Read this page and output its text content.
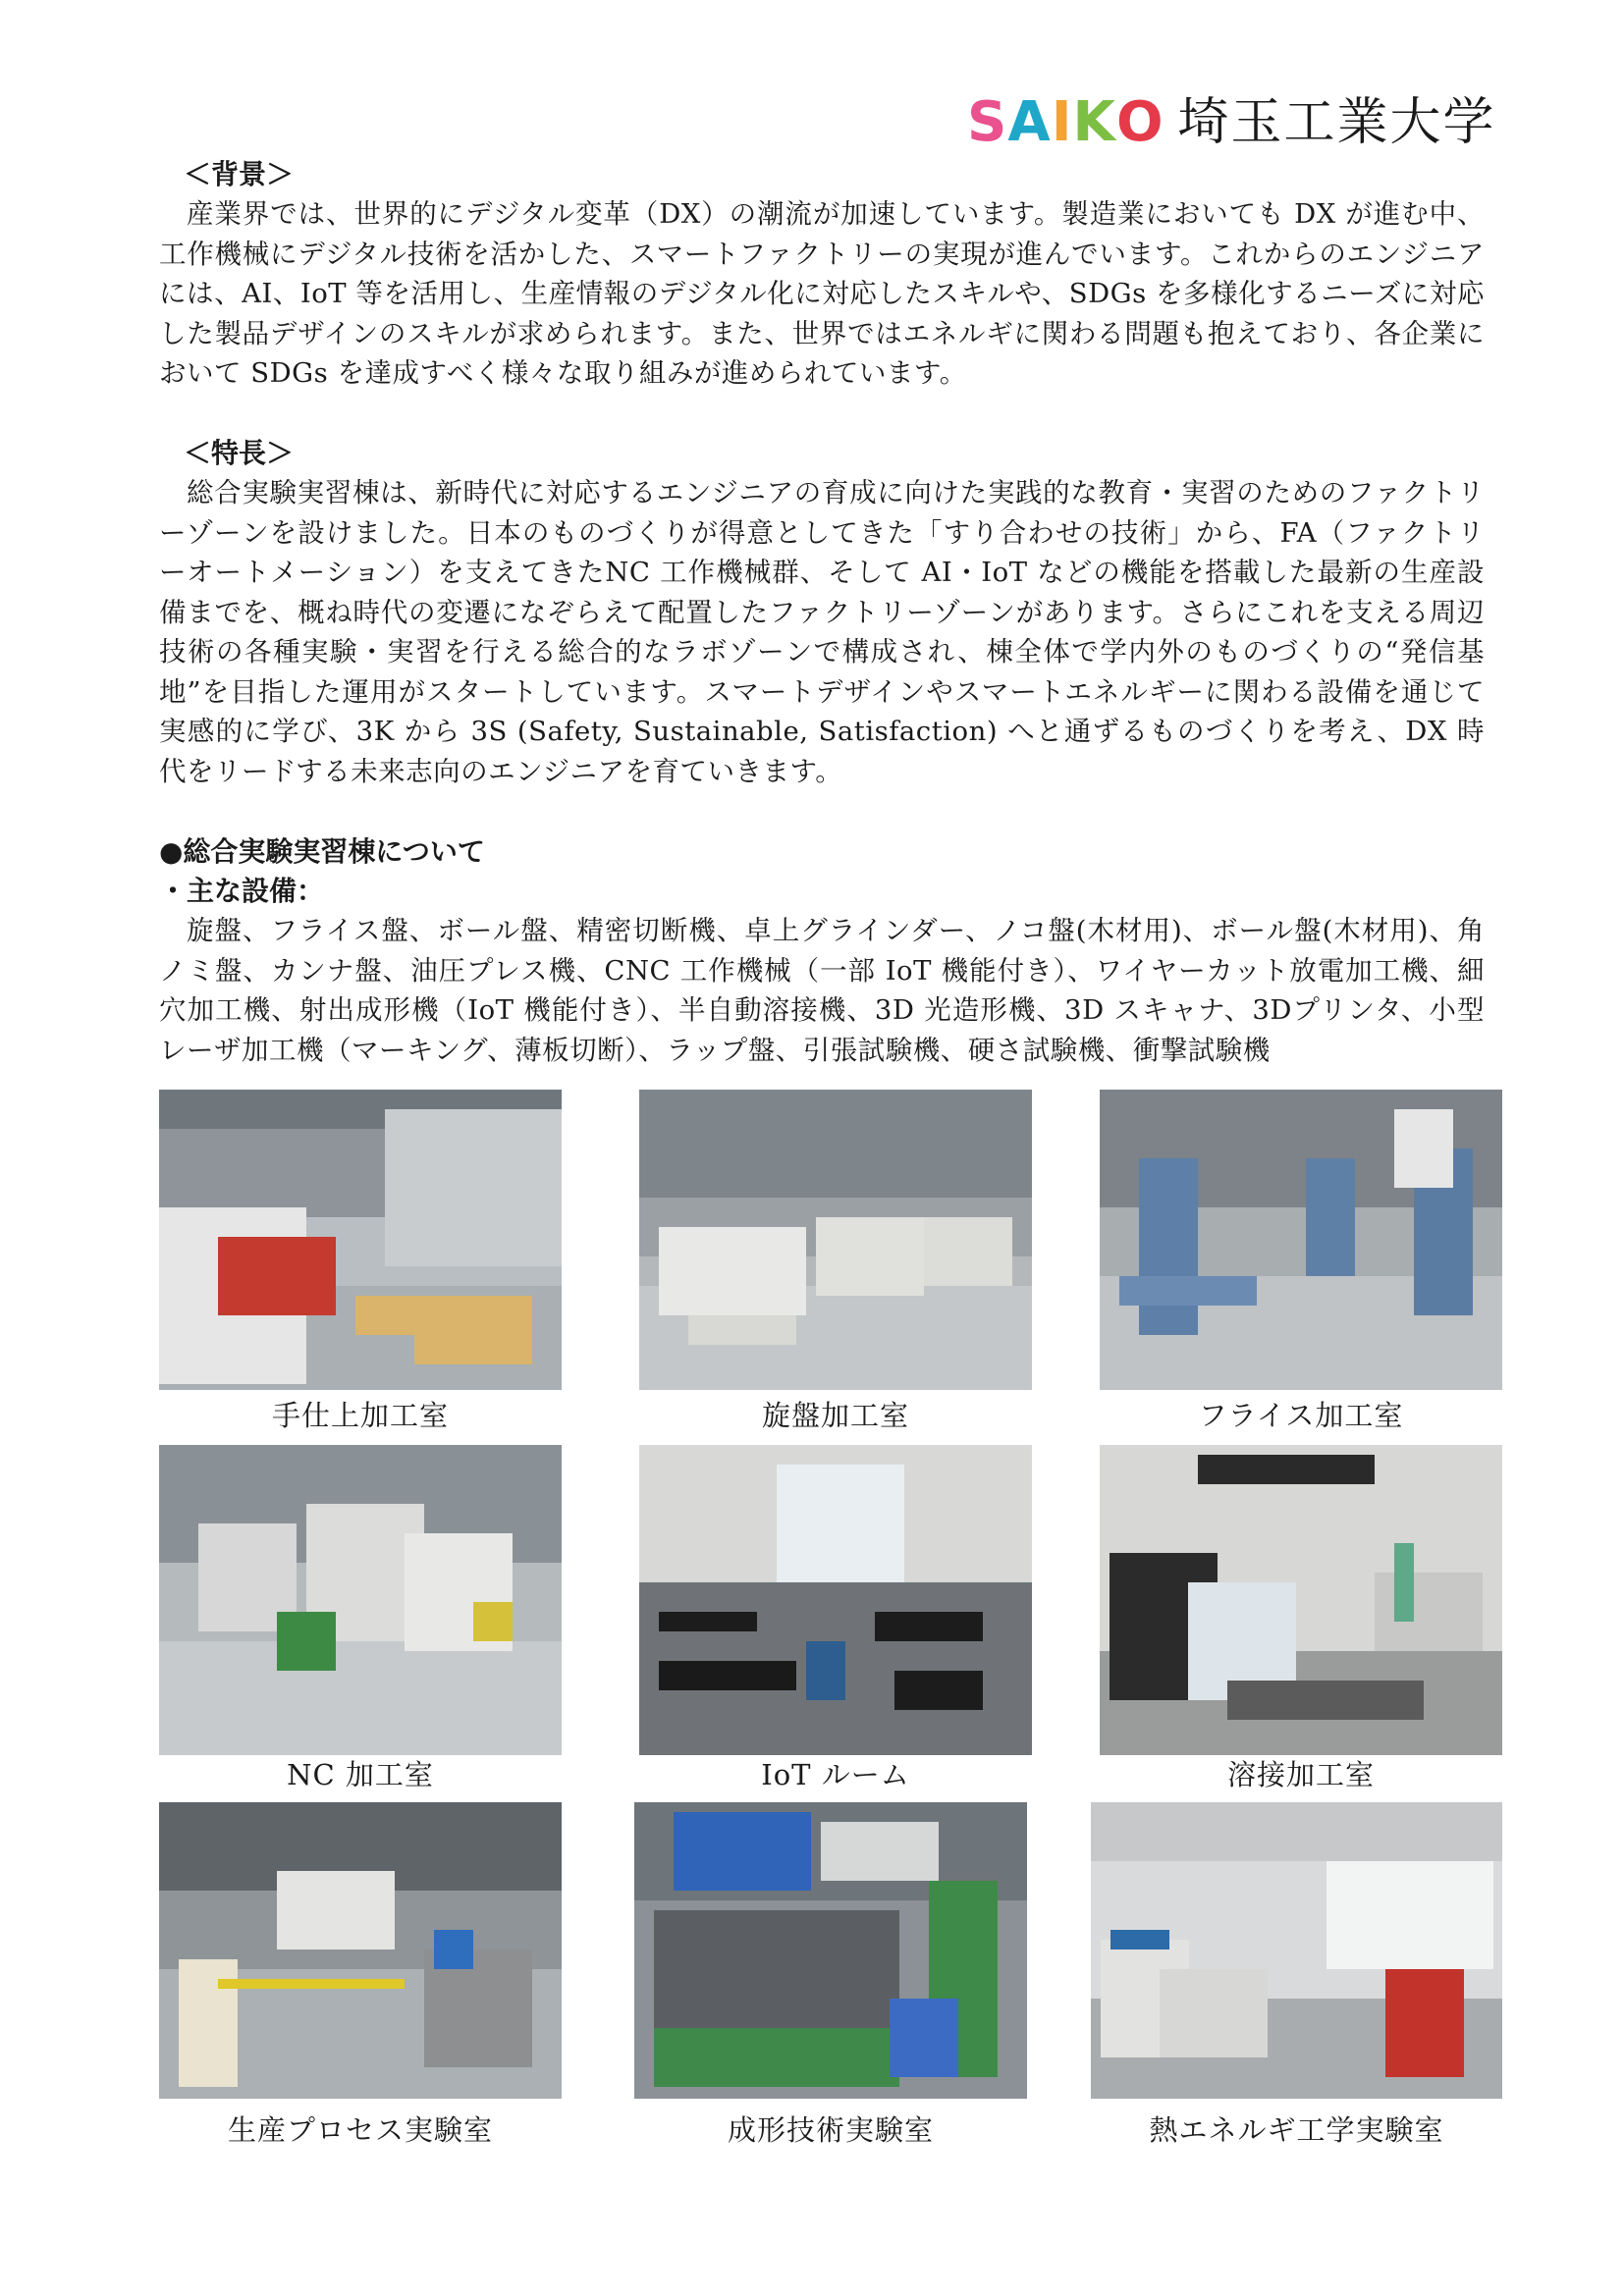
S A I K O 埼玉工業大学
＜背景＞
産業界では、世界的にデジタル変革（DX）の潮流が加速しています。製造業においても DX が進む中、工作機械にデジタル技術を活かした、スマートファクトリーの実現が進んでいます。これからのエンジニアには、AI、IoT 等を活用し、生産情報のデジタル化に対応したスキルや、SDGs を多様化するニーズに対応した製品デザインのスキルが求められます。また、世界ではエネルギに関わる問題も抱えており、各企業において SDGs を達成すべく様々な取り組みが進められています。
＜特長＞
総合実験実習棟は、新時代に対応するエンジニアの育成に向けた実践的な教育・実習のためのファクトリーゾーンを設けました。日本のものづくりが得意としてきた「すり合わせの技術」から、FA（ファクトリーオートメーション）を支えてきたNC 工作機械群、そして AI・IoT などの機能を搭載した最新の生産設備までを、概ね時代の変遷になぞらえて配置したファクトリーゾーンがあります。さらにこれを支える周辺技術の各種実験・実習を行える総合的なラボゾーンで構成され、棟全体で学内外のものづくりの“発信基地”を目指した運用がスタートしています。スマートデザインやスマートエネルギーに関わる設備を通じて実感的に学び、3K から 3S (Safety, Sustainable, Satisfaction) へと通ずるものづくりを考え、DX 時代をリードする未来志向のエンジニアを育ていきます。
●総合実験実習棟について
・主な設備：
旋盤、フライス盤、ボール盤、精密切断機、卓上グラインダー、ノコ盤(木材用)、ボール盤(木材用)、角ノミ盤、カンナ盤、油圧プレス機、CNC 工作機械（一部 IoT 機能付き）、ワイヤーカット放電加工機、細穴加工機、射出成形機（IoT 機能付き）、半自動溶接機、3D 光造形機、3D スキャナ、3Dプリンタ、小型レーザ加工機（マーキング、薄板切断）、ラップ盤、引張試験機、硬さ試験機、衝撃試験機
手仕上加工室	旋盤加工室	フライス加工室
NC 加工室	IoT ルーム	溶接加工室
生産プロセス実験室	成形技術実験室	熱エネルギ工学実験室
